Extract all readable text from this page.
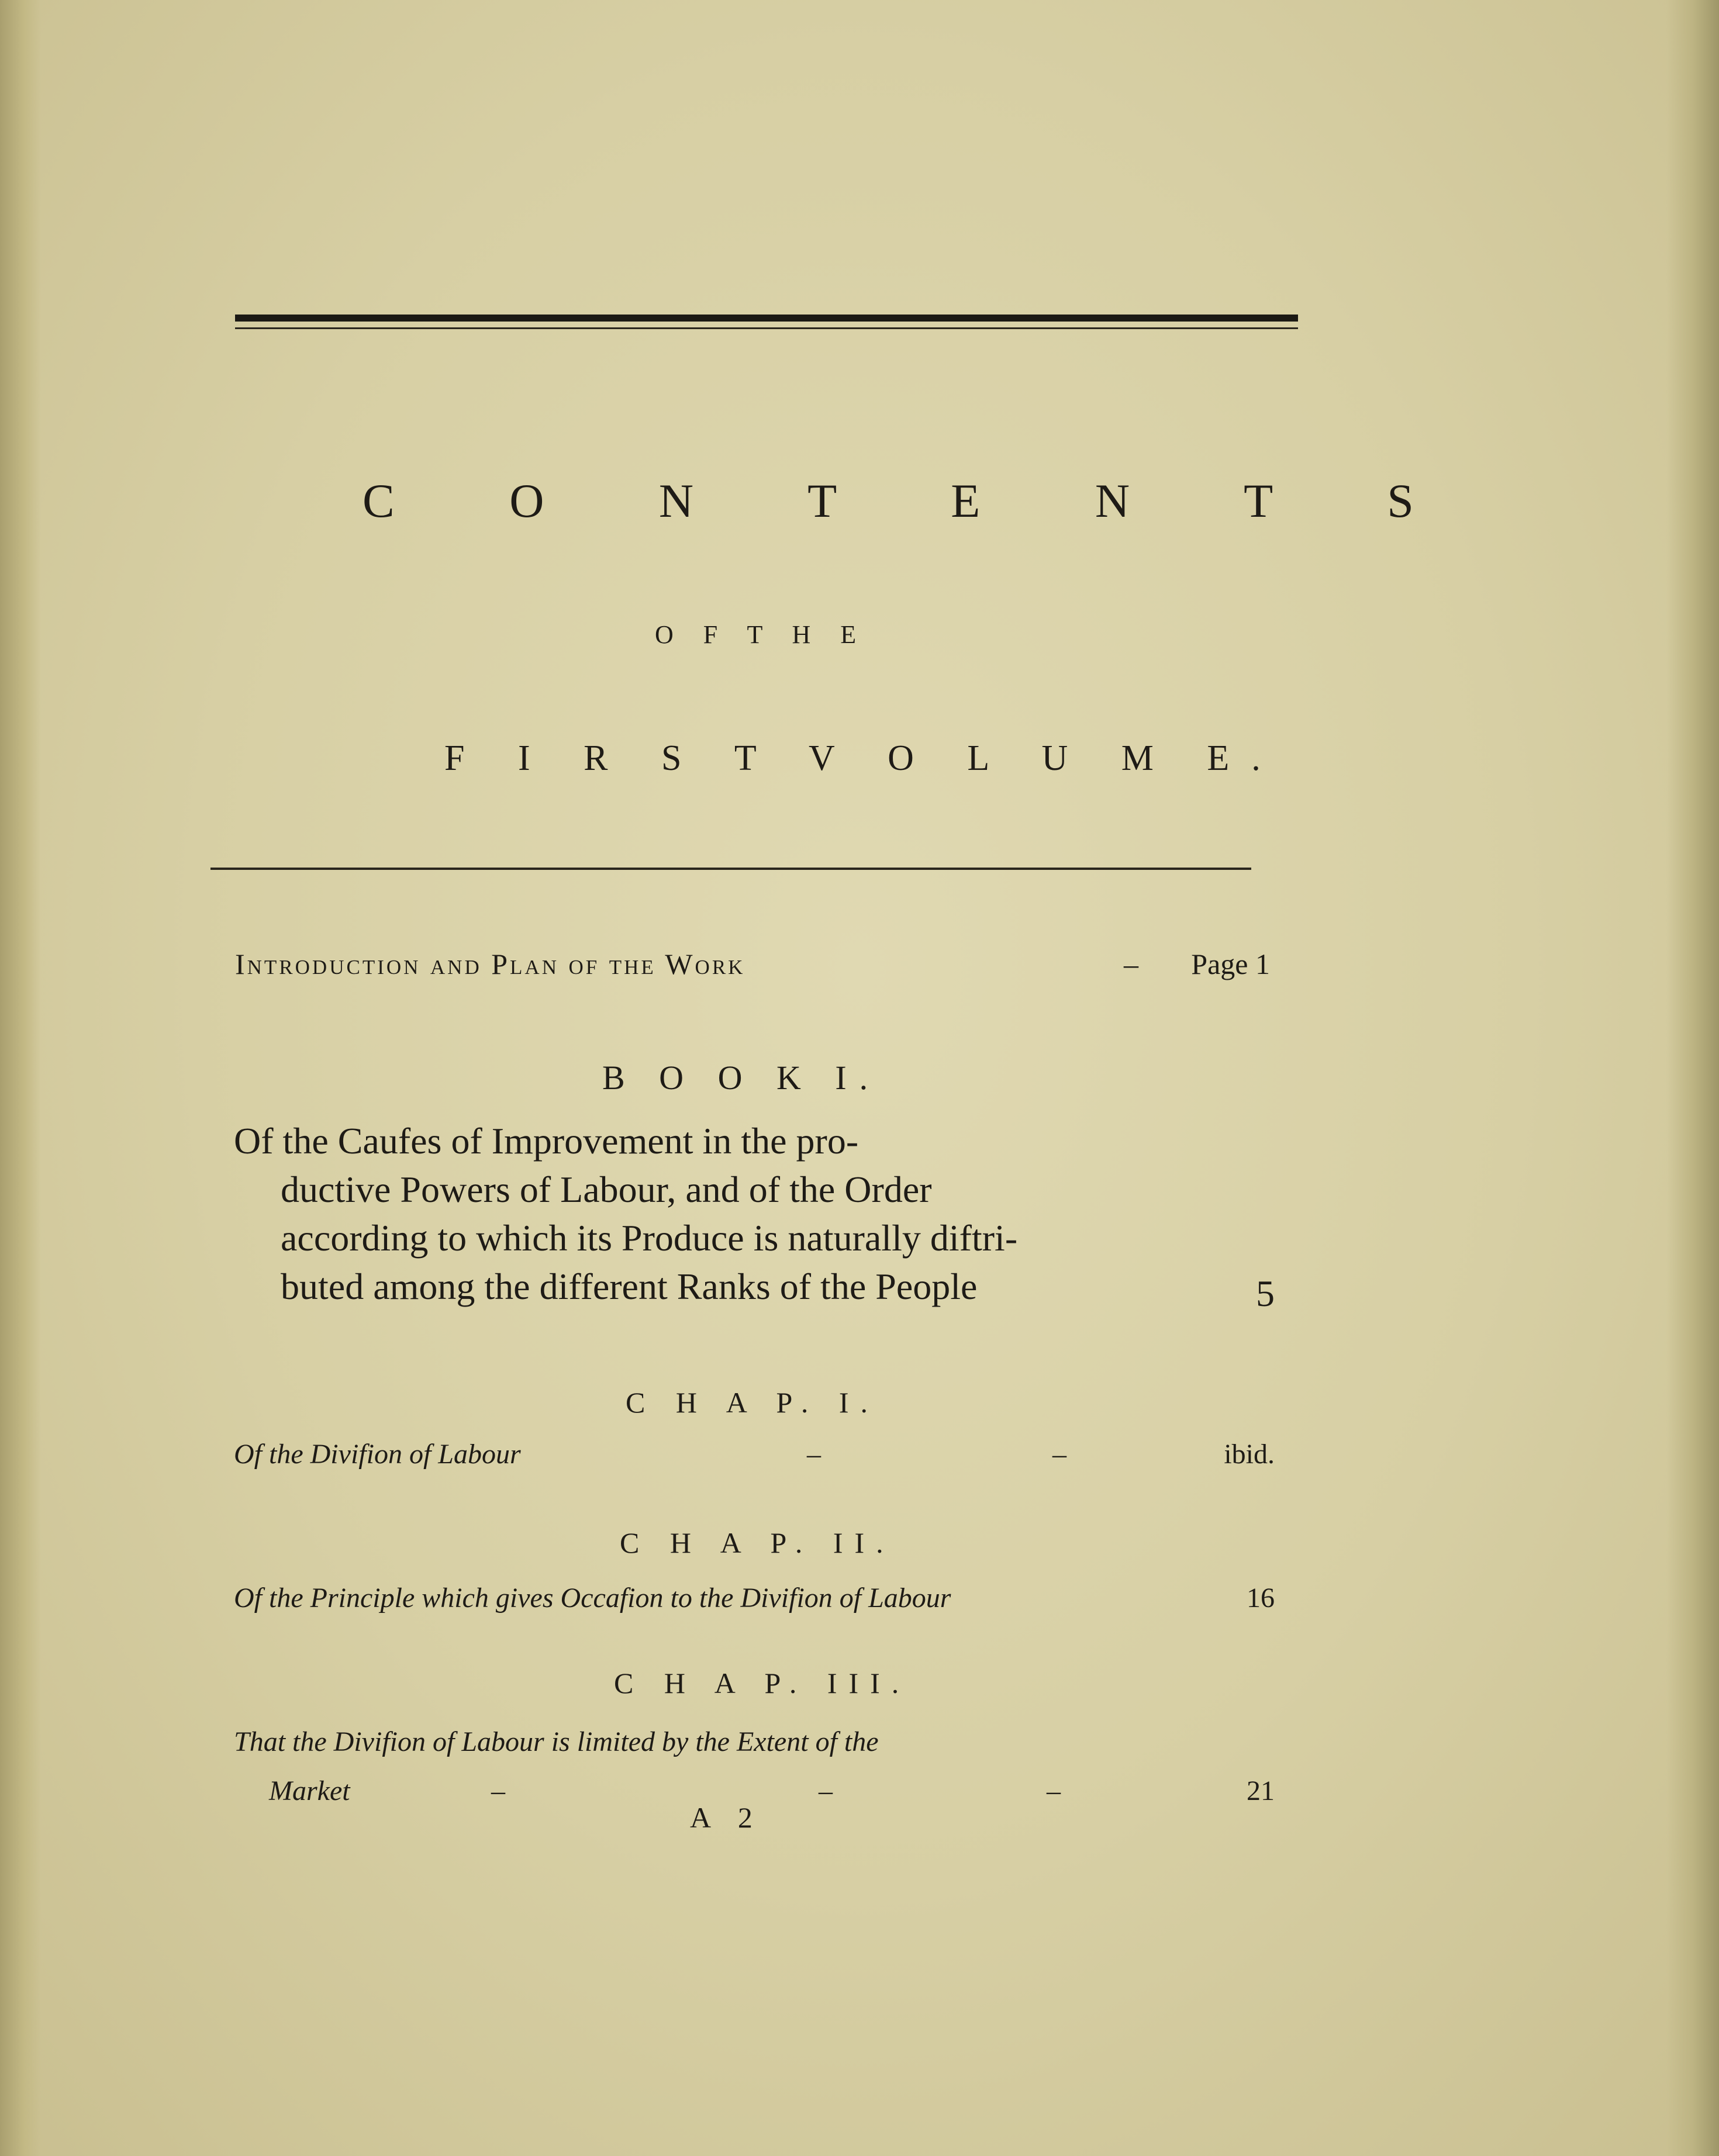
C O N T E N T S
O F T H E
F I R S T V O L U M E.
Introduction and Plan of the Work	– Page 1
B O O K I.
Of the Caufes of Improvement in the pro-
ductive Powers of Labour, and of the Order
according to which its Produce is naturally diftri-
buted among the different Ranks of the People	5
C H A P. I.
Of the Divifion of Labour	–	–	ibid.
C H A P. II.
Of the Principle which gives Occafion to the Divifion of Labour	16
C H A P. III.
That the Divifion of Labour is limited by the Extent of the
Market	–	–	–	21
A 2
